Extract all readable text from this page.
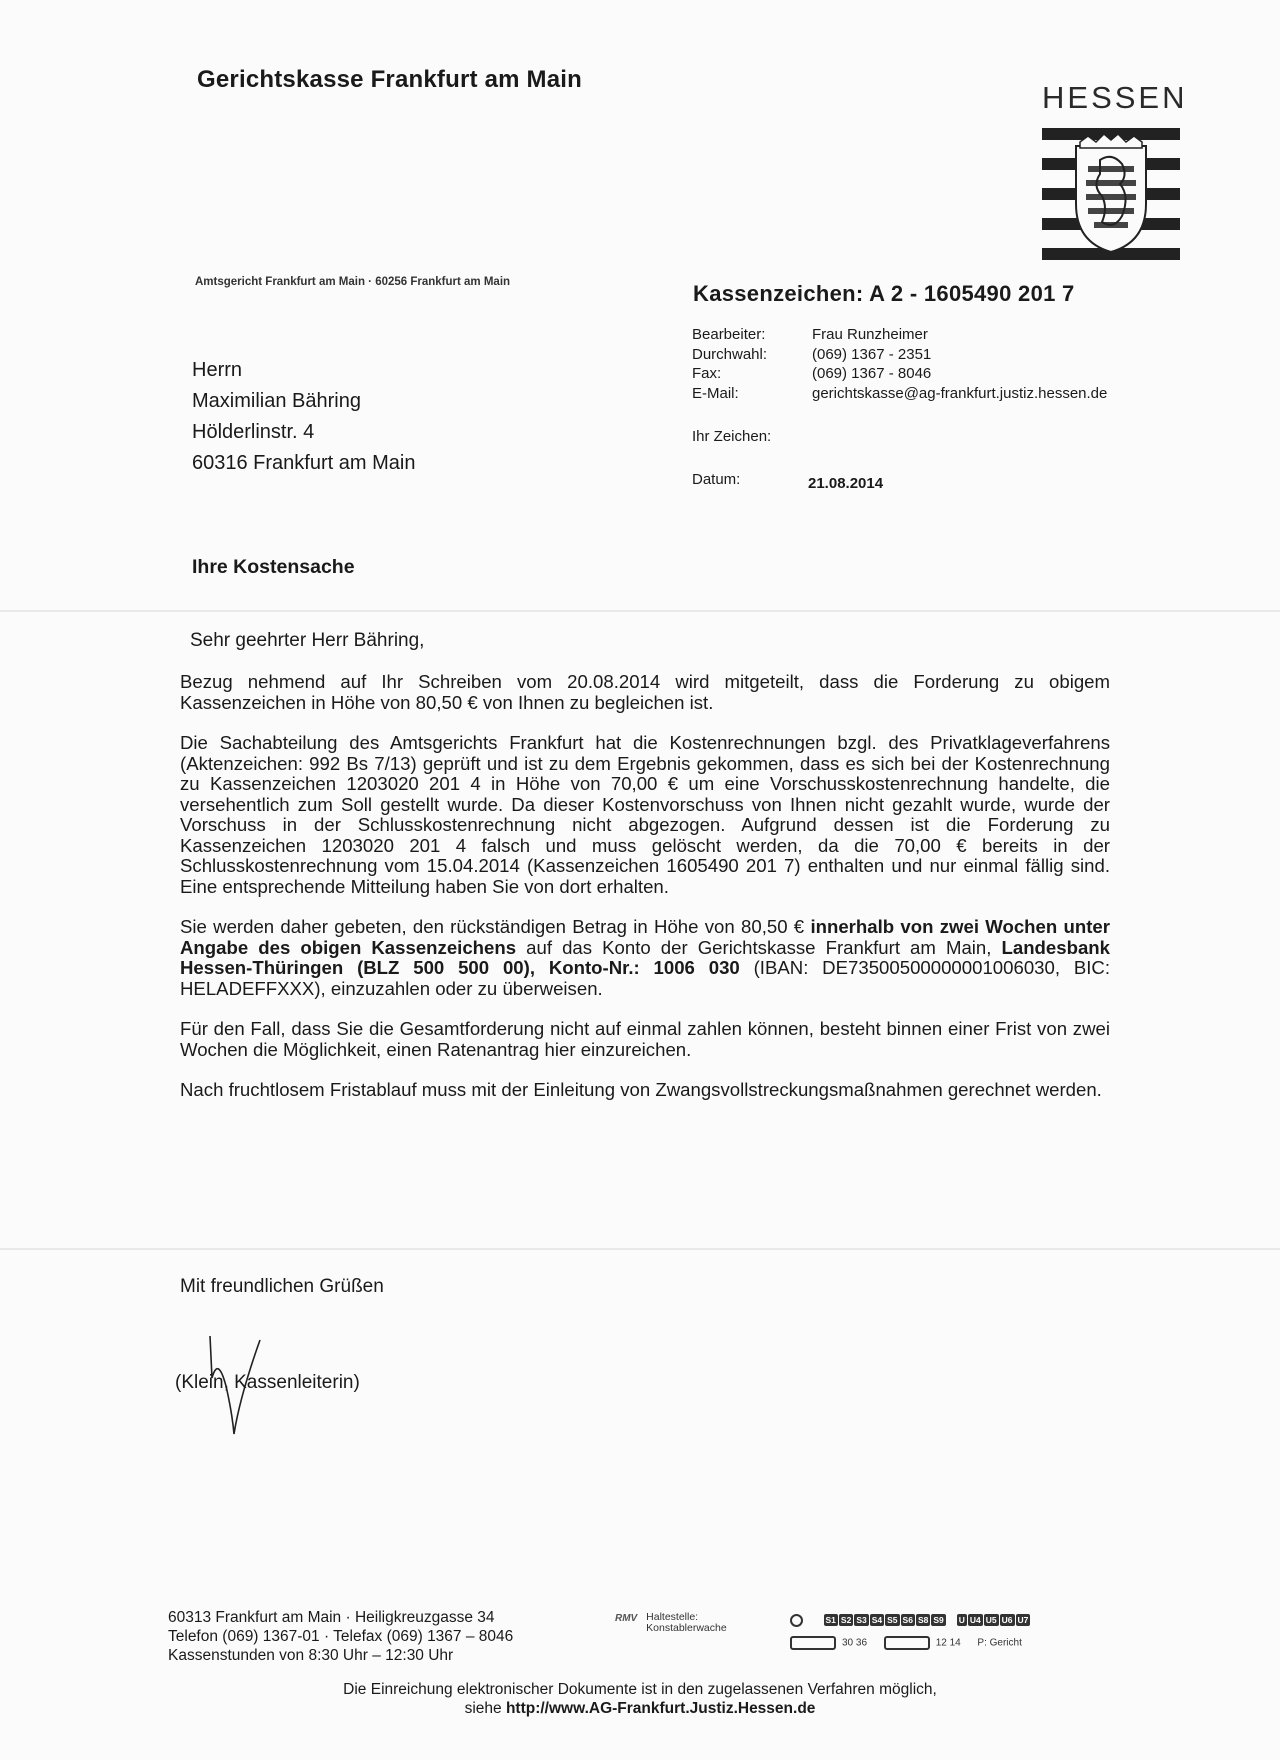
Gerichtskasse Frankfurt am Main
HESSEN
Amtsgericht Frankfurt am Main · 60256 Frankfurt am Main
Herrn
Maximilian Bähring
Hölderlinstr. 4
60316 Frankfurt am Main
Kassenzeichen: A 2 - 1605490 201 7
Bearbeiter:	Frau Runzheimer
Durchwahl:	(069) 1367 - 2351
Fax:	(069) 1367 - 8046
E-Mail:	gerichtskasse@ag-frankfurt.justiz.hessen.de
Ihr Zeichen:
Datum:	21.08.2014
Ihre Kostensache
Sehr geehrter Herr Bähring,

Bezug nehmend auf Ihr Schreiben vom 20.08.2014 wird mitgeteilt, dass die Forderung zu obigem Kassenzeichen in Höhe von 80,50 € von Ihnen zu begleichen ist.

Die Sachabteilung des Amtsgerichts Frankfurt hat die Kostenrechnungen bzgl. des Privatklageverfahrens (Aktenzeichen: 992 Bs 7/13) geprüft und ist zu dem Ergebnis gekommen, dass es sich bei der Kostenrechnung zu Kassenzeichen 1203020 201 4 in Höhe von 70,00 € um eine Vorschusskostenrechnung handelte, die versehentlich zum Soll gestellt wurde. Da dieser Kostenvorschuss von Ihnen nicht gezahlt wurde, wurde der Vorschuss in der Schlusskostenrechnung nicht abgezogen. Aufgrund dessen ist die Forderung zu Kassenzeichen 1203020 201 4 falsch und muss gelöscht werden, da die 70,00 € bereits in der Schlusskostenrechnung vom 15.04.2014 (Kassenzeichen 1605490 201 7) enthalten und nur einmal fällig sind. Eine entsprechende Mitteilung haben Sie von dort erhalten.

Sie werden daher gebeten, den rückständigen Betrag in Höhe von 80,50 € innerhalb von zwei Wochen unter Angabe des obigen Kassenzeichens auf das Konto der Gerichtskasse Frankfurt am Main, Landesbank Hessen-Thüringen (BLZ 500 500 00), Konto-Nr.: 1006 030 (IBAN: DE73500500000001006030, BIC: HELADEFFXXX), einzuzahlen oder zu überweisen.

Für den Fall, dass Sie die Gesamtforderung nicht auf einmal zahlen können, besteht binnen einer Frist von zwei Wochen die Möglichkeit, einen Ratenantrag hier einzureichen.

Nach fruchtlosem Fristablauf muss mit der Einleitung von Zwangsvollstreckungsmaßnahmen gerechnet werden.

Mit freundlichen Grüßen
(Klein, Kassenleiterin)
60313 Frankfurt am Main · Heiligkreuzgasse 34
Telefon (069) 1367-01 · Telefax (069) 1367 – 8046
Kassenstunden von 8:30 Uhr – 12:30 Uhr
RMV Haltestelle:
Konstablerwache
S1 S2 S3 S4 S5 S6 S8 S9 U U4 U5 U6 U7
30 36	12 14 P: Gericht
Die Einreichung elektronischer Dokumente ist in den zugelassenen Verfahren möglich,
siehe http://www.AG-Frankfurt.Justiz.Hessen.de
